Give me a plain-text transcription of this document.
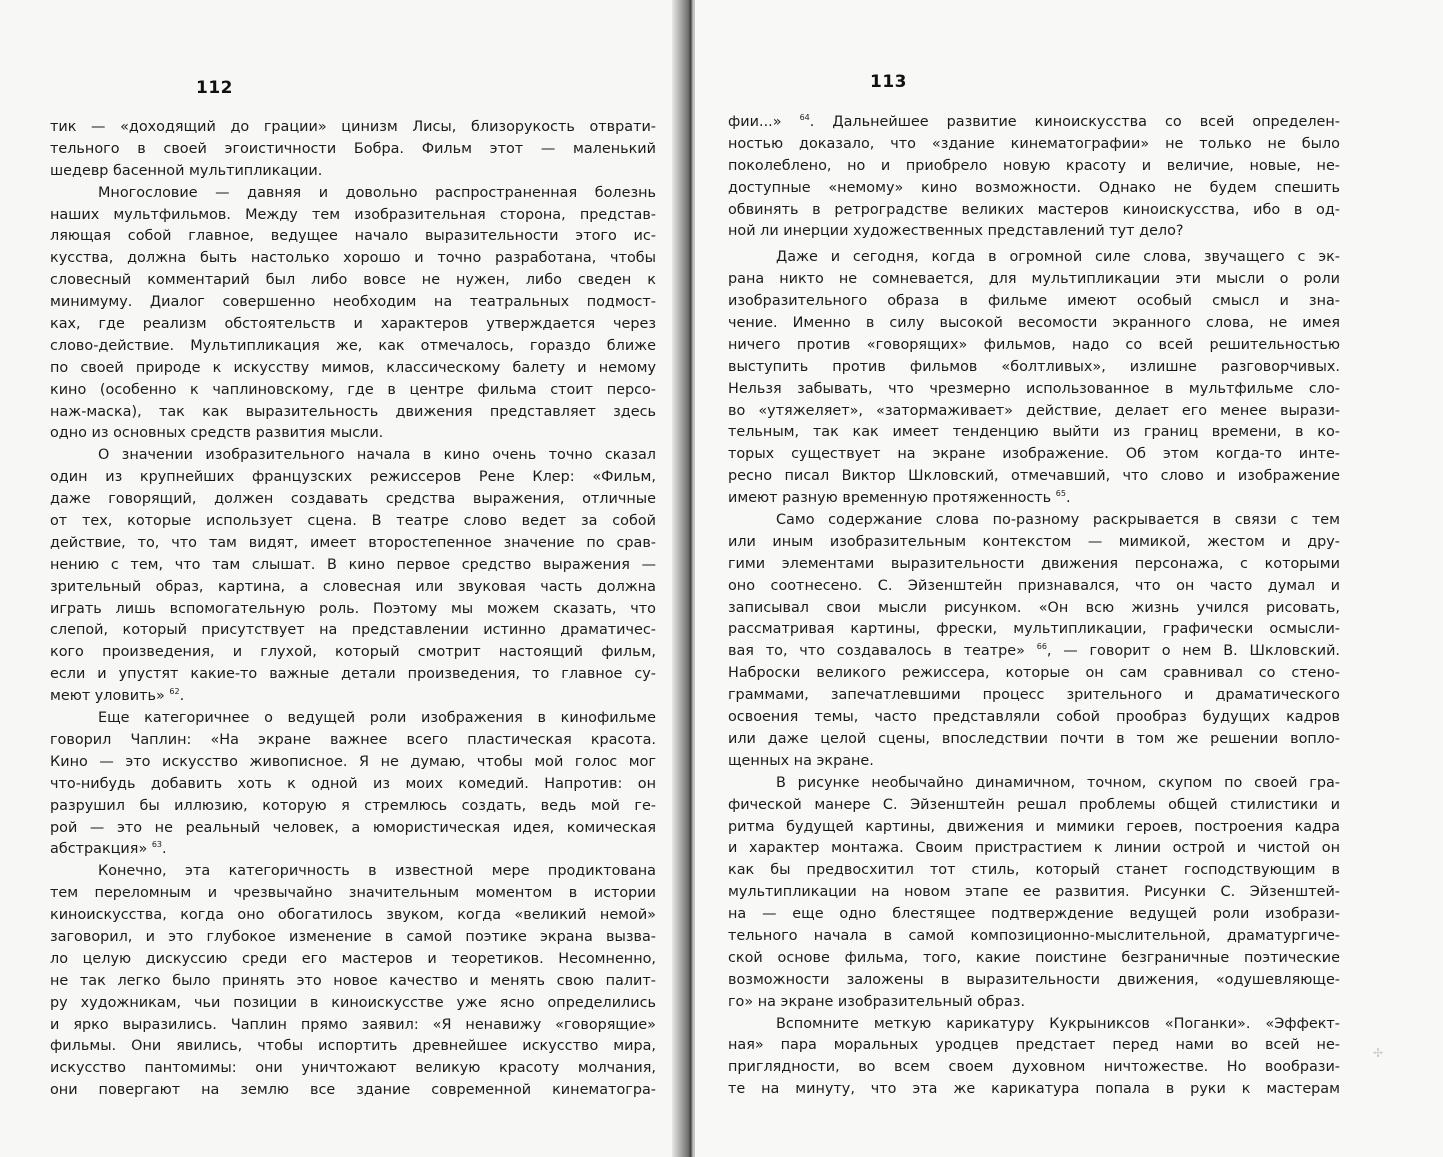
112
тик — «доходящий до грации» цинизм Лисы, близорукость отврати-
тельного в своей эгоистичности Бобра. Фильм этот — маленький
шедевр басенной мультипликации.
Многословие — давняя и довольно распространенная болезнь
наших мультфильмов. Между тем изобразительная сторона, представ-
ляющая собой главное, ведущее начало выразительности этого ис-
кусства, должна быть настолько хорошо и точно разработана, чтобы
словесный комментарий был либо вовсе не нужен, либо сведен к
минимуму. Диалог совершенно необходим на театральных подмост-
ках, где реализм обстоятельств и характеров утверждается через
слово-действие. Мультипликация же, как отмечалось, гораздо ближе
по своей природе к искусству мимов, классическому балету и немому
кино (особенно к чаплиновскому, где в центре фильма стоит персо-
наж-маска), так как выразительность движения представляет здесь
одно из основных средств развития мысли.
О значении изобразительного начала в кино очень точно сказал
один из крупнейших французских режиссеров Рене Клер: «Фильм,
даже говорящий, должен создавать средства выражения, отличные
от тех, которые использует сцена. В театре слово ведет за собой
действие, то, что там видят, имеет второстепенное значение по срав-
нению с тем, что там слышат. В кино первое средство выражения —
зрительный образ, картина, а словесная или звуковая часть должна
играть лишь вспомогательную роль. Поэтому мы можем сказать, что
слепой, который присутствует на представлении истинно драматичес-
кого произведения, и глухой, который смотрит настоящий фильм,
если и упустят какие-то важные детали произведения, то главное су-
меют уловить» $^{62}$.
Еще категоричнее о ведущей роли изображения в кинофильме
говорил Чаплин: «На экране важнее всего пластическая красота.
Кино — это искусство живописное. Я не думаю, чтобы мой голос мог
что-нибудь добавить хоть к одной из моих комедий. Напротив: он
разрушил бы иллюзию, которую я стремлюсь создать, ведь мой ге-
рой — это не реальный человек, а юмористическая идея, комическая
абстракция» $^{63}$.
Конечно, эта категоричность в известной мере продиктована
тем переломным и чрезвычайно значительным моментом в истории
киноискусства, когда оно обогатилось звуком, когда «великий немой»
заговорил, и это глубокое изменение в самой поэтике экрана вызва-
ло целую дискуссию среди его мастеров и теоретиков. Несомненно,
не так легко было принять это новое качество и менять свою палит-
ру художникам, чьи позиции в киноискусстве уже ясно определились
и ярко выразились. Чаплин прямо заявил: «Я ненавижу «говорящие»
фильмы. Они явились, чтобы испортить древнейшее искусство мира,
искусство пантомимы: они уничтожают великую красоту молчания,
они повергают на землю все здание современной кинематогра-
113
фии...» $^{64}$. Дальнейшее развитие киноискусства со всей определен-
ностью доказало, что «здание кинематографии» не только не было
поколеблено, но и приобрело новую красоту и величие, новые, не-
доступные «немому» кино возможности. Однако не будем спешить
обвинять в ретроградстве великих мастеров киноискусства, ибо в од-
ной ли инерции художественных представлений тут дело?
Даже и сегодня, когда в огромной силе слова, звучащего с эк-
рана никто не сомневается, для мультипликации эти мысли о роли
изобразительного образа в фильме имеют особый смысл и зна-
чение. Именно в силу высокой весомости экранного слова, не имея
ничего против «говорящих» фильмов, надо со всей решительностью
выступить против фильмов «болтливых», излишне разговорчивых.
Нельзя забывать, что чрезмерно использованное в мультфильме сло-
во «утяжеляет», «затормаживает» действие, делает его менее вырази-
тельным, так как имеет тенденцию выйти из границ времени, в ко-
торых существует на экране изображение. Об этом когда-то инте-
ресно писал Виктор Шкловский, отмечавший, что слово и изображение
имеют разную временную протяженность $^{65}$.
Само содержание слова по-разному раскрывается в связи с тем
или иным изобразительным контекстом — мимикой, жестом и дру-
гими элементами выразительности движения персонажа, с которыми
оно соотнесено. С. Эйзенштейн признавался, что он часто думал и
записывал свои мысли рисунком. «Он всю жизнь учился рисовать,
рассматривая картины, фрески, мультипликации, графически осмысли-
вая то, что создавалось в театре» $^{66}$, — говорит о нем В. Шкловский.
Наброски великого режиссера, которые он сам сравнивал со стено-
граммами, запечатлевшими процесс зрительного и драматического
освоения темы, часто представляли собой прообраз будущих кадров
или даже целой сцены, впоследствии почти в том же решении вопло-
щенных на экране.
В рисунке необычайно динамичном, точном, скупом по своей гра-
фической манере С. Эйзенштейн решал проблемы общей стилистики и
ритма будущей картины, движения и мимики героев, построения кадра
и характер монтажа. Своим пристрастием к линии острой и чистой он
как бы предвосхитил тот стиль, который станет господствующим в
мультипликации на новом этапе ее развития. Рисунки С. Эйзенштей-
на — еще одно блестящее подтверждение ведущей роли изобрази-
тельного начала в самой композиционно-мыслительной, драматургиче-
ской основе фильма, того, какие поистине безграничные поэтические
возможности заложены в выразительности движения, «одушевляюще-
го» на экране изобразительный образ.
Вспомните меткую карикатуру Кукрыниксов «Поганки». «Эффект-
ная» пара моральных уродцев предстает перед нами во всей не-
приглядности, во всем своем духовном ничтожестве. Но вообрази-
те на минуту, что эта же карикатура попала в руки к мастерам
✢
